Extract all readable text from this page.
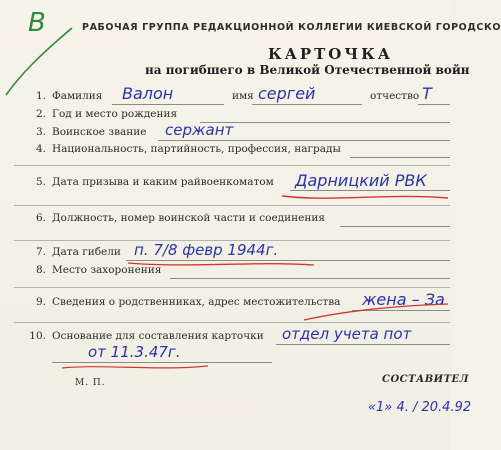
В	РАБОЧАЯ ГРУППА РЕДАКЦИОННОЙ КОЛЛЕГИИ КИЕВСКОЙ ГОРОДСКО
КАРТОЧКА
на погибшего в Великой Отечественной войн
1. Фамилия Валон	имя сергей	отчество Т
2. Год и место рождения
3. Воинское звание сержант
4. Национальность, партийность, профессия, награды
5. Дата призыва и каким райвоенкоматом Дарницкий РВК
6. Должность, номер воинской части и соединения
7. Дата гибели п. 7/8 февр 1944г.
8. Место захоронения
9. Сведения о родственниках, адрес местожительства жена – За
10. Основание для составления карточки отдел учета пот
от 11.3.47г.
М. П.	СОСТАВИТЕЛ
«1» 4. / 20.4.92
